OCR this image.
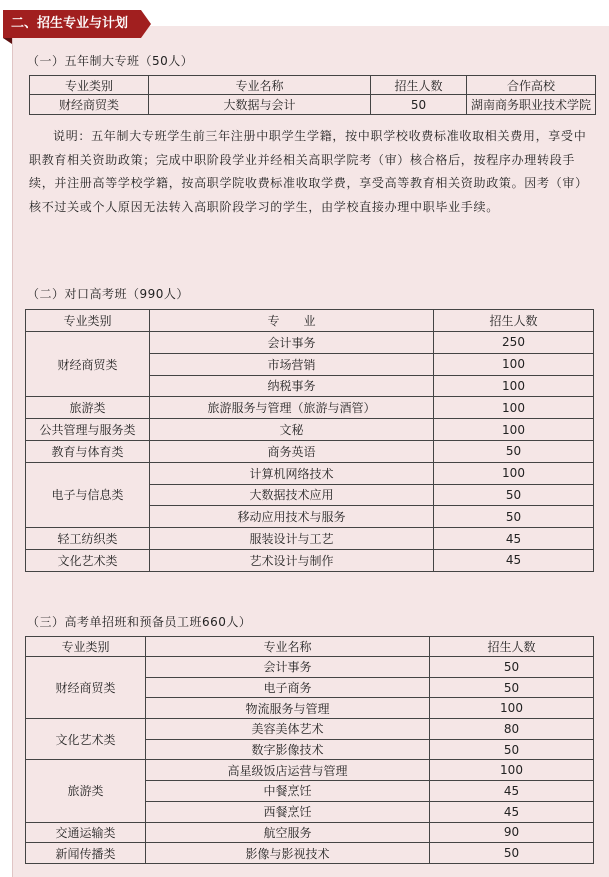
二、招生专业与计划
（一）五年制大专班（50人）
专业类别	专业名称	招生人数	合作高校
财经商贸类	大数据与会计	50	湖南商务职业技术学院
说明：五年制大专班学生前三年注册中职学生学籍，按中职学校收费标准收取相关费用，享受中职教育相关资助政策；完成中职阶段学业并经相关高职学院考（审）核合格后，按程序办理转段手续，并注册高等学校学籍，按高职学院收费标准收取学费，享受高等教育相关资助政策。因考（审）核不过关或个人原因无法转入高职阶段学习的学生，由学校直接办理中职毕业手续。
（二）对口高考班（990人）
专业类别	专　　业	招生人数
财经商贸类	会计事务	250
	市场营销	100
	纳税事务	100
旅游类	旅游服务与管理（旅游与酒管）	100
公共管理与服务类	文秘	100
教育与体育类	商务英语	50
电子与信息类	计算机网络技术	100
	大数据技术应用	50
	移动应用技术与服务	50
轻工纺织类	服装设计与工艺	45
文化艺术类	艺术设计与制作	45
（三）高考单招班和预备员工班660人）
专业类别	专业名称	招生人数
财经商贸类	会计事务	50
	电子商务	50
	物流服务与管理	100
文化艺术类	美容美体艺术	80
	数字影像技术	50
旅游类	高星级饭店运营与管理	100
	中餐烹饪	45
	西餐烹饪	45
交通运输类	航空服务	90
新闻传播类	影像与影视技术	50
